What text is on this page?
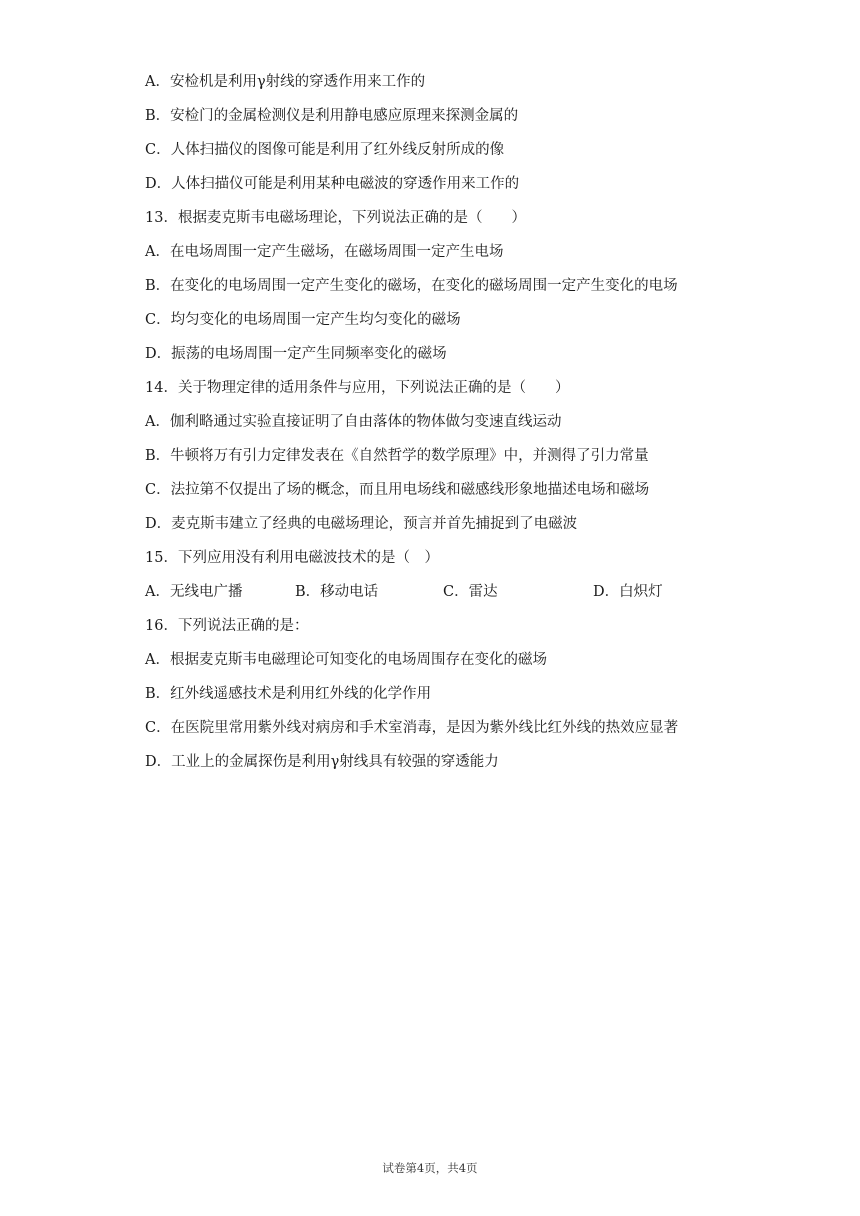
A．安检机是利用γ射线的穿透作用来工作的
B．安检门的金属检测仪是利用静电感应原理来探测金属的
C．人体扫描仪的图像可能是利用了红外线反射所成的像
D．人体扫描仪可能是利用某种电磁波的穿透作用来工作的
13．根据麦克斯韦电磁场理论，下列说法正确的是（　　）
A．在电场周围一定产生磁场，在磁场周围一定产生电场
B．在变化的电场周围一定产生变化的磁场，在变化的磁场周围一定产生变化的电场
C．均匀变化的电场周围一定产生均匀变化的磁场
D．振荡的电场周围一定产生同频率变化的磁场
14．关于物理定律的适用条件与应用，下列说法正确的是（　　）
A．伽利略通过实验直接证明了自由落体的物体做匀变速直线运动
B．牛顿将万有引力定律发表在《自然哲学的数学原理》中，并测得了引力常量
C．法拉第不仅提出了场的概念，而且用电场线和磁感线形象地描述电场和磁场
D．麦克斯韦建立了经典的电磁场理论，预言并首先捕捉到了电磁波
15．下列应用没有利用电磁波技术的是（　）
A．无线电广播	B．移动电话	C．雷达	D．白炽灯
16．下列说法正确的是：
A．根据麦克斯韦电磁理论可知变化的电场周围存在变化的磁场
B．红外线遥感技术是利用红外线的化学作用
C．在医院里常用紫外线对病房和手术室消毒，是因为紫外线比红外线的热效应显著
D．工业上的金属探伤是利用γ射线具有较强的穿透能力
试卷第4页，共4页
